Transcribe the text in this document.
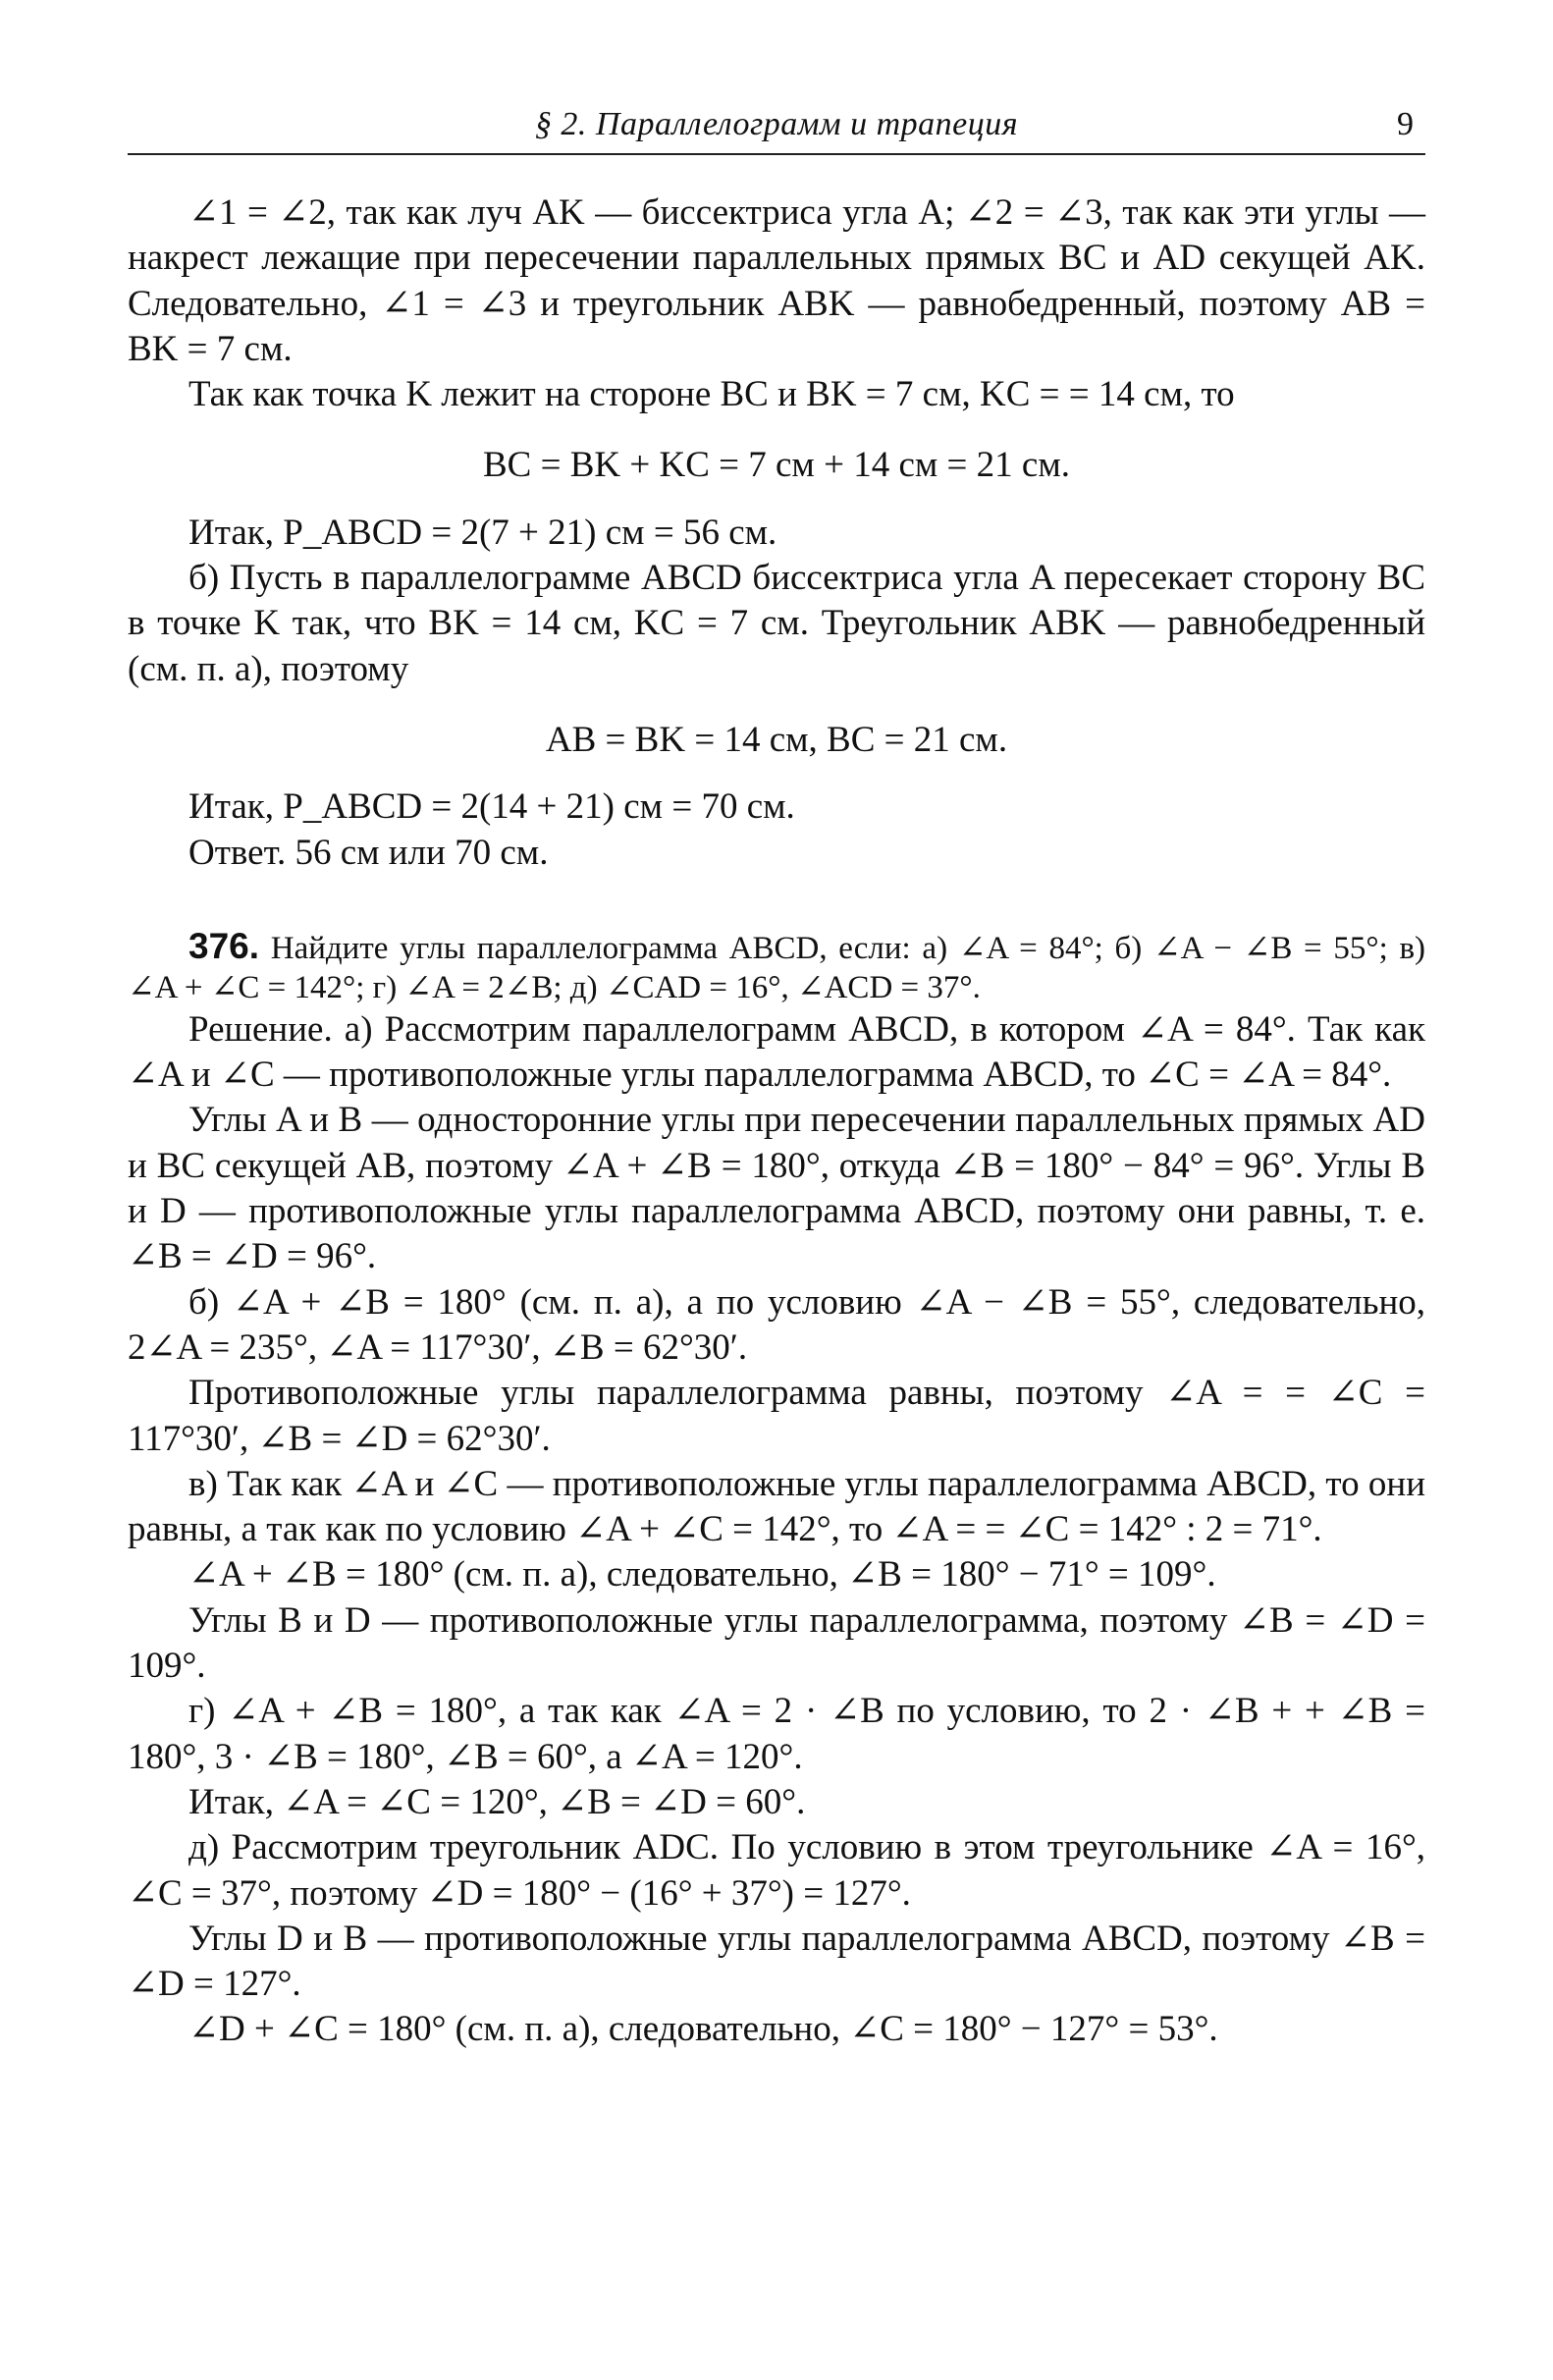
§ 2. Параллелограмм и трапеция	9
∠1 = ∠2, так как луч AK — биссектриса угла A; ∠2 = ∠3, так как эти углы — накрест лежащие при пересечении параллельных прямых BC и AD секущей AK. Следовательно, ∠1 = ∠3 и треугольник ABK — равнобедренный, поэтому AB = BK = 7 см.
Так как точка K лежит на стороне BC и BK = 7 см, KC = = 14 см, то
BC = BK + KC = 7 см + 14 см = 21 см.
Итак, P_ABCD = 2(7 + 21) см = 56 см.
б) Пусть в параллелограмме ABCD биссектриса угла A пересекает сторону BC в точке K так, что BK = 14 см, KC = 7 см. Треугольник ABK — равнобедренный (см. п. а), поэтому
AB = BK = 14 см, BC = 21 см.
Итак, P_ABCD = 2(14 + 21) см = 70 см.
Ответ. 56 см или 70 см.
376. Найдите углы параллелограмма ABCD, если: а) ∠A = 84°; б) ∠A − ∠B = 55°; в) ∠A + ∠C = 142°; г) ∠A = 2∠B; д) ∠CAD = 16°, ∠ACD = 37°.
Решение. а) Рассмотрим параллелограмм ABCD, в котором ∠A = 84°. Так как ∠A и ∠C — противоположные углы параллелограмма ABCD, то ∠C = ∠A = 84°.
Углы A и B — односторонние углы при пересечении параллельных прямых AD и BC секущей AB, поэтому ∠A + ∠B = 180°, откуда ∠B = 180° − 84° = 96°. Углы B и D — противоположные углы параллелограмма ABCD, поэтому они равны, т. е. ∠B = ∠D = 96°.
б) ∠A + ∠B = 180° (см. п. а), а по условию ∠A − ∠B = 55°, следовательно, 2∠A = 235°, ∠A = 117°30′, ∠B = 62°30′.
Противоположные углы параллелограмма равны, поэтому ∠A = = ∠C = 117°30′, ∠B = ∠D = 62°30′.
в) Так как ∠A и ∠C — противоположные углы параллелограмма ABCD, то они равны, а так как по условию ∠A + ∠C = 142°, то ∠A = = ∠C = 142° : 2 = 71°.
∠A + ∠B = 180° (см. п. а), следовательно, ∠B = 180° − 71° = 109°.
Углы B и D — противоположные углы параллелограмма, поэтому ∠B = ∠D = 109°.
г) ∠A + ∠B = 180°, а так как ∠A = 2 · ∠B по условию, то 2 · ∠B + + ∠B = 180°, 3 · ∠B = 180°, ∠B = 60°, а ∠A = 120°.
Итак, ∠A = ∠C = 120°, ∠B = ∠D = 60°.
д) Рассмотрим треугольник ADC. По условию в этом треугольнике ∠A = 16°, ∠C = 37°, поэтому ∠D = 180° − (16° + 37°) = 127°.
Углы D и B — противоположные углы параллелограмма ABCD, поэтому ∠B = ∠D = 127°.
∠D + ∠C = 180° (см. п. а), следовательно, ∠C = 180° − 127° = 53°.
